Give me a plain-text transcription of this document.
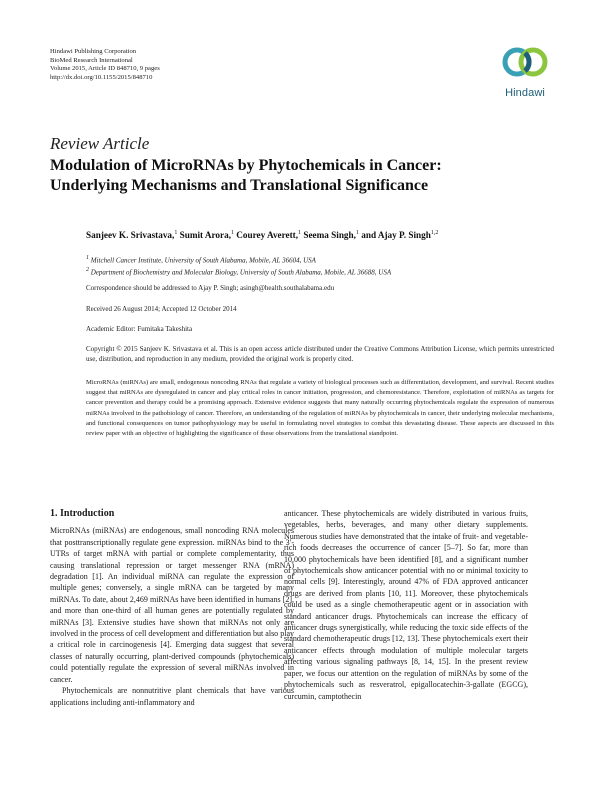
Hindawi Publishing Corporation
BioMed Research International
Volume 2015, Article ID 848710, 9 pages
http://dx.doi.org/10.1155/2015/848710
Hindawi
Review Article
Modulation of MicroRNAs by Phytochemicals in Cancer:
Underlying Mechanisms and Translational Significance
Sanjeev K. Srivastava,$^1$ Sumit Arora,$^1$ Courey Averett,$^1$ Seema Singh,$^1$ and Ajay P. Singh$^{1,2}$
1 Mitchell Cancer Institute, University of South Alabama, Mobile, AL 36604, USA
2 Department of Biochemistry and Molecular Biology, University of South Alabama, Mobile, AL 36688, USA
Correspondence should be addressed to Ajay P. Singh; asingh@health.southalabama.edu
Received 26 August 2014; Accepted 12 October 2014
Academic Editor: Fumitaka Takeshita
Copyright © 2015 Sanjeev K. Srivastava et al. This is an open access article distributed under the Creative Commons Attribution License, which permits unrestricted use, distribution, and reproduction in any medium, provided the original work is properly cited.
MicroRNAs (miRNAs) are small, endogenous noncoding RNAs that regulate a variety of biological processes such as differentiation, development, and survival. Recent studies suggest that miRNAs are dysregulated in cancer and play critical roles in cancer initiation, progression, and chemoresistance. Therefore, exploitation of miRNAs as targets for cancer prevention and therapy could be a promising approach. Extensive evidence suggests that many naturally occurring phytochemicals regulate the expression of numerous miRNAs involved in the pathobiology of cancer. Therefore, an understanding of the regulation of miRNAs by phytochemicals in cancer, their underlying molecular mechanisms, and functional consequences on tumor pathophysiology may be useful in formulating novel strategies to combat this devastating disease. These aspects are discussed in this review paper with an objective of highlighting the significance of these observations from the translational standpoint.

1. Introduction

MicroRNAs (miRNAs) are endogenous, small noncoding RNA molecules that posttranscriptionally regulate gene expression. miRNAs bind to the 3′-UTRs of target mRNA with partial or complete complementarity, thus causing translational repression or target messenger RNA (mRNA) degradation [1]. An individual miRNA can regulate the expression of multiple genes; conversely, a single mRNA can be targeted by many miRNAs. To date, about 2,469 miRNAs have been identified in humans [2], and more than one-third of all human genes are potentially regulated by miRNAs [3]. Extensive studies have shown that miRNAs not only are involved in the process of cell development and differentiation but also play a critical role in carcinogenesis [4]. Emerging data suggest that several classes of naturally occurring, plant-derived compounds (phytochemicals) could potentially regulate the expression of several miRNAs involved in cancer.

Phytochemicals are nonnutritive plant chemicals that have various applications including anti-inflammatory and

anticancer. These phytochemicals are widely distributed in various fruits, vegetables, herbs, beverages, and many other dietary supplements. Numerous studies have demonstrated that the intake of fruit- and vegetable-rich foods decreases the occurrence of cancer [5–7]. So far, more than 10,000 phytochemicals have been identified [8], and a significant number of phytochemicals show anticancer potential with no or minimal toxicity to normal cells [9]. Interestingly, around 47% of FDA approved anticancer drugs are derived from plants [10, 11]. Moreover, these phytochemicals could be used as a single chemotherapeutic agent or in association with standard anticancer drugs. Phytochemicals can increase the efficacy of anticancer drugs synergistically, while reducing the toxic side effects of the standard chemotherapeutic drugs [12, 13]. These phytochemicals exert their anticancer effects through modulation of multiple molecular targets affecting various signaling pathways [8, 14, 15]. In the present review paper, we focus our attention on the regulation of miRNAs by some of the phytochemicals such as resveratrol, epigallocatechin-3-gallate (EGCG), curcumin, camptothecin
